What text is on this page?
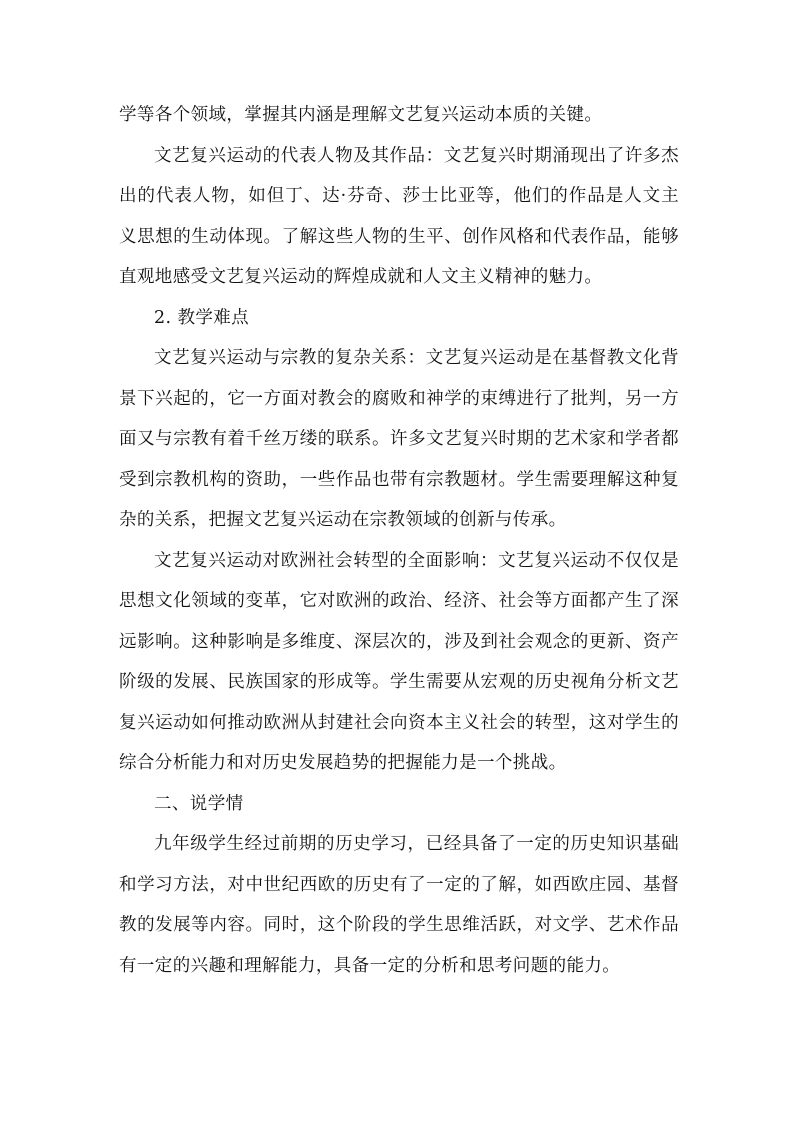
学等各个领域，掌握其内涵是理解文艺复兴运动本质的关键。

文艺复兴运动的代表人物及其作品：文艺复兴时期涌现出了许多杰出的代表人物，如但丁、达·芬奇、莎士比亚等，他们的作品是人文主义思想的生动体现。了解这些人物的生平、创作风格和代表作品，能够直观地感受文艺复兴运动的辉煌成就和人文主义精神的魅力。

2. 教学难点

文艺复兴运动与宗教的复杂关系：文艺复兴运动是在基督教文化背景下兴起的，它一方面对教会的腐败和神学的束缚进行了批判，另一方面又与宗教有着千丝万缕的联系。许多文艺复兴时期的艺术家和学者都受到宗教机构的资助，一些作品也带有宗教题材。学生需要理解这种复杂的关系，把握文艺复兴运动在宗教领域的创新与传承。

文艺复兴运动对欧洲社会转型的全面影响：文艺复兴运动不仅仅是思想文化领域的变革，它对欧洲的政治、经济、社会等方面都产生了深远影响。这种影响是多维度、深层次的，涉及到社会观念的更新、资产阶级的发展、民族国家的形成等。学生需要从宏观的历史视角分析文艺复兴运动如何推动欧洲从封建社会向资本主义社会的转型，这对学生的综合分析能力和对历史发展趋势的把握能力是一个挑战。

二、说学情

九年级学生经过前期的历史学习，已经具备了一定的历史知识基础和学习方法，对中世纪西欧的历史有了一定的了解，如西欧庄园、基督教的发展等内容。同时，这个阶段的学生思维活跃，对文学、艺术作品有一定的兴趣和理解能力，具备一定的分析和思考问题的能力。
